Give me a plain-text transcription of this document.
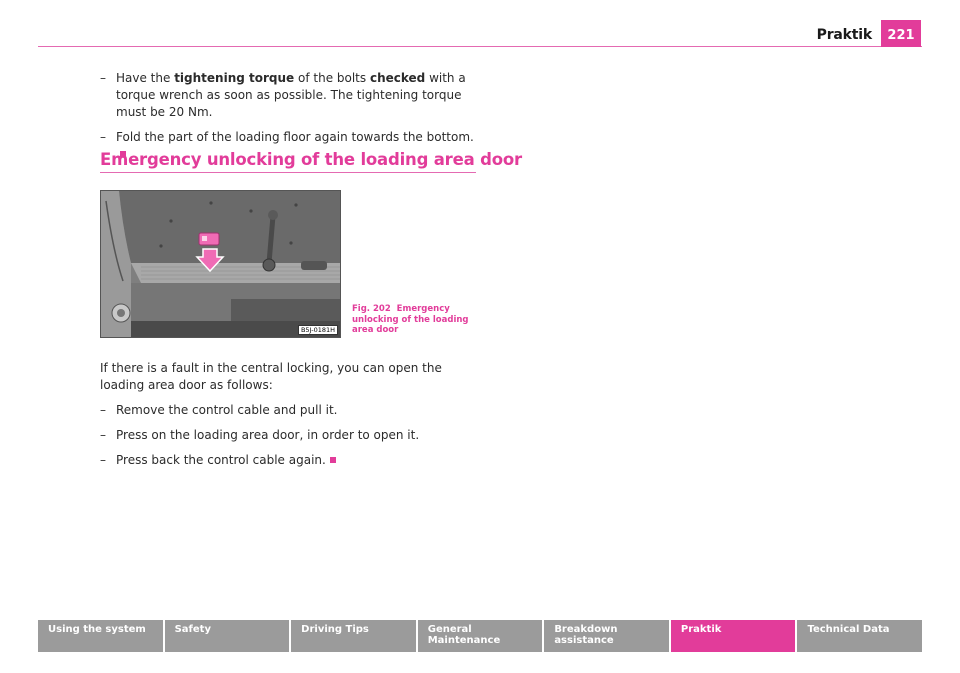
Praktik	221
– Have the tightening torque of the bolts checked with a torque wrench as soon as possible. The tightening torque must be 20 Nm.
– Fold the part of the loading floor again towards the bottom.
Emergency unlocking of the loading area door
B5J-0181H
Fig. 202 Emergency unlocking of the loading area door
If there is a fault in the central locking, you can open the loading area door as follows:
– Remove the control cable and pull it.
– Press on the loading area door, in order to open it.
– Press back the control cable again.
Using the system	Safety	Driving Tips	General Maintenance
Breakdown assistance
Praktik	Technical Data
